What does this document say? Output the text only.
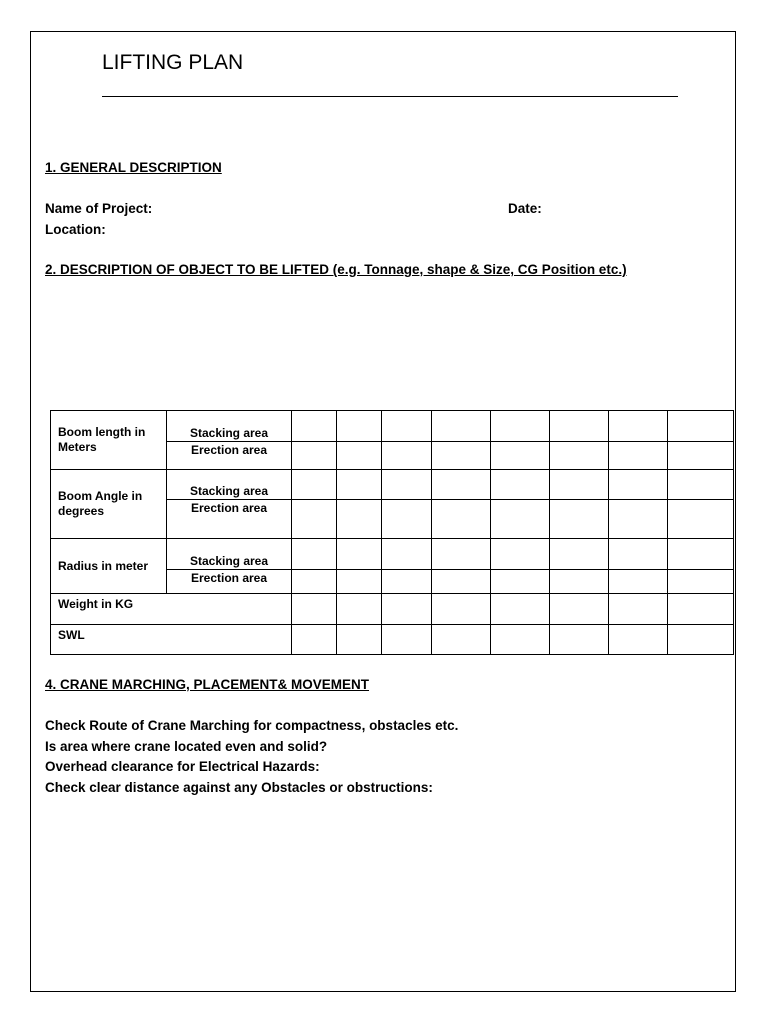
LIFTING PLAN
1. GENERAL DESCRIPTION
Name of Project:	Date:
Location:
2. DESCRIPTION OF OBJECT TO BE LIFTED (e.g. Tonnage, shape & Size, CG Position etc.)
Boom length in Meters	Stacking area								
	Erection area								
Boom Angle in degrees	Stacking area								
	Erection area								
Radius in meter	Stacking area								
	Erection area								
Weight in KG									
SWL									
4. CRANE MARCHING, PLACEMENT& MOVEMENT
Check Route of Crane Marching for compactness, obstacles etc.
Is area where crane located even and solid?
Overhead clearance for Electrical Hazards:
Check clear distance against any Obstacles or obstructions:
